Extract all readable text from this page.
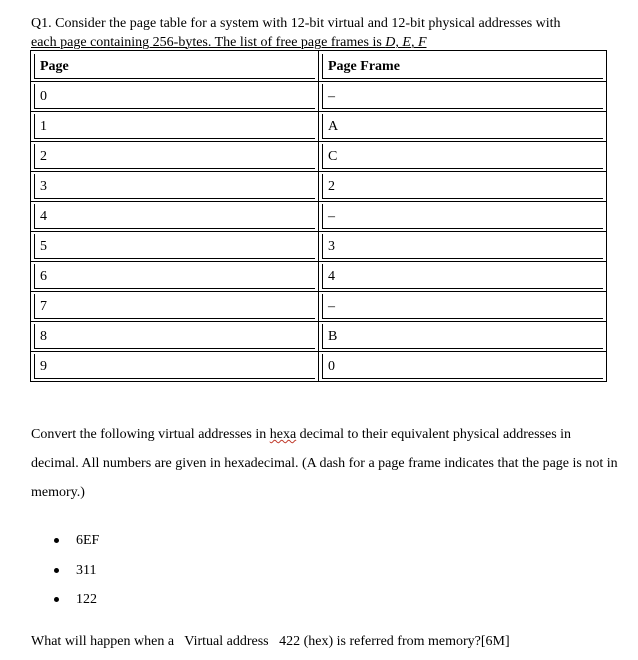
Q1. Consider the page table for a system with 12-bit virtual and 12-bit physical addresses with
each page containing 256-bytes. The list of free page frames is D, E, F
Page	Page Frame

0	–

1	A

2	C

3	2

4	–

5	3

6	4

7	–

8	B

9	0
Convert the following virtual addresses in hexa decimal to their equivalent physical addresses in decimal. All numbers are given in hexadecimal. (A dash for a page frame indicates that the page is not in memory.)
6EF
311
122
What will happen when a   Virtual address   422 (hex) is referred from memory?[6M]
